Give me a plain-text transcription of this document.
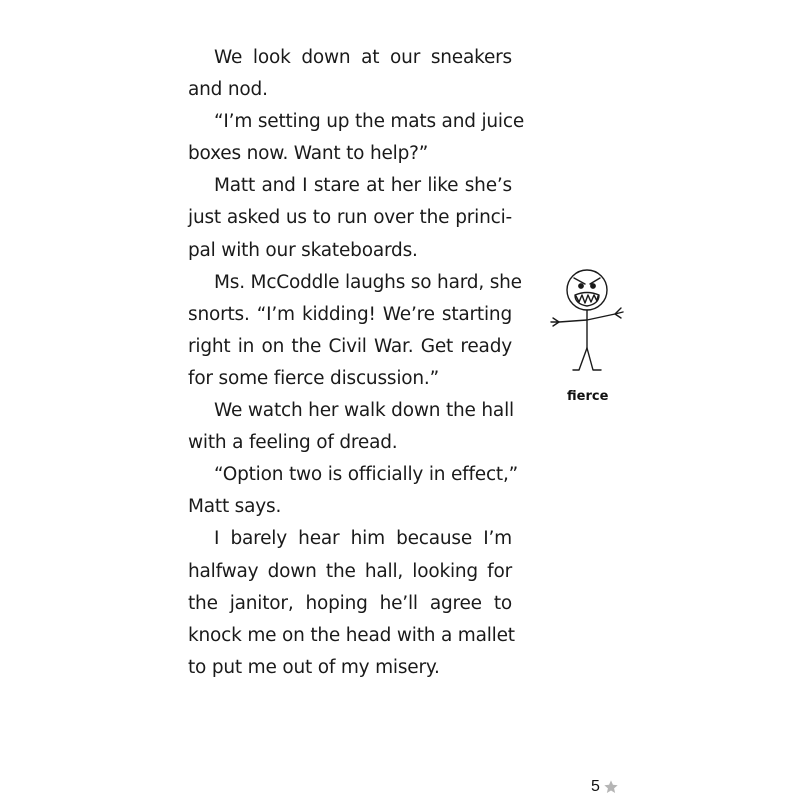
We look down at our sneakers
and nod.
“I’m setting up the mats and juice
boxes now. Want to help?”
Matt and I stare at her like she’s
just asked us to run over the princi-
pal with our skateboards.
Ms. McCoddle laughs so hard, she
snorts. “I’m kidding! We’re starting
right in on the Civil War. Get ready
for some fierce discussion.”
We watch her walk down the hall
with a feeling of dread.
“Option two is officially in effect,”
Matt says.
I barely hear him because I’m
halfway down the hall, looking for
the janitor, hoping he’ll agree to
knock me on the head with a mallet
to put me out of my misery.
fierce
5
